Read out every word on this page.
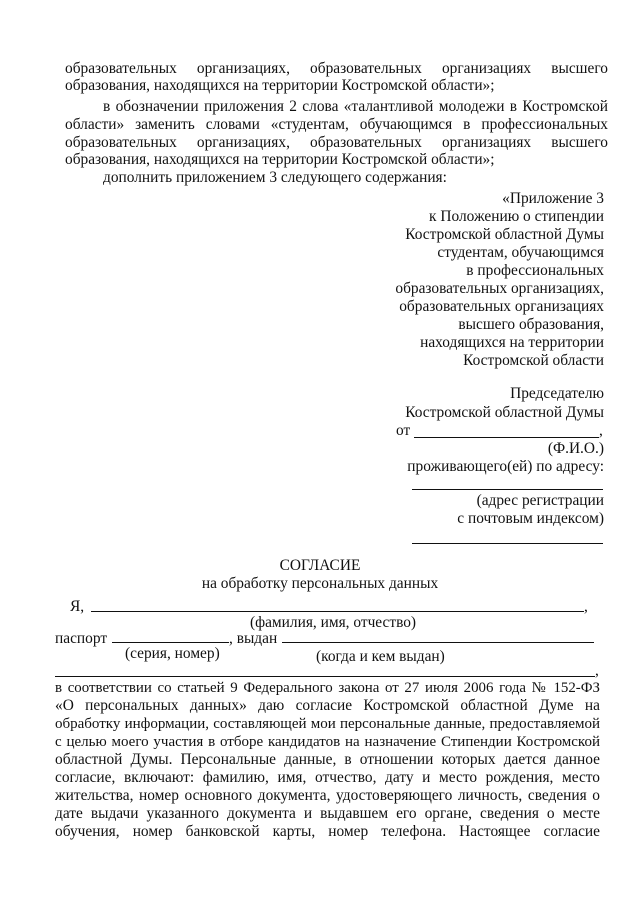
образовательных организациях, образовательных организациях высшего
образования, находящихся на территории Костромской области»;
в обозначении приложения 2 слова «талантливой молодежи в Костромской
области» заменить словами «студентам, обучающимся в профессиональных
образовательных организациях, образовательных организациях высшего
образования, находящихся на территории Костромской области»;
дополнить приложением 3 следующего содержания:
«Приложение 3
к Положению о стипендии
Костромской областной Думы
студентам, обучающимся
в профессиональных
образовательных организациях,
образовательных организациях
высшего образования,
находящихся на территории
Костромской области
Председателю
Костромской областной Думы
от	,
(Ф.И.О.)
проживающего(ей) по адресу:
(адрес регистрации
с почтовым индексом)
СОГЛАСИЕ
на обработку персональных данных
Я,	,
(фамилия, имя, отчество)
паспорт	, выдан
(серия, номер)	(когда и кем выдан)
,
в соответствии со статьей 9 Федерального закона от 27 июля 2006 года № 152-ФЗ
«О персональных данных» даю согласие Костромской областной Думе на
обработку информации, составляющей мои персональные данные, предоставляемой
с целью моего участия в отборе кандидатов на назначение Стипендии Костромской
областной Думы. Персональные данные, в отношении которых дается данное
согласие, включают: фамилию, имя, отчество, дату и место рождения, место
жительства, номер основного документа, удостоверяющего личность, сведения о
дате выдачи указанного документа и выдавшем его органе, сведения о месте
обучения, номер банковской карты, номер телефона. Настоящее согласие
